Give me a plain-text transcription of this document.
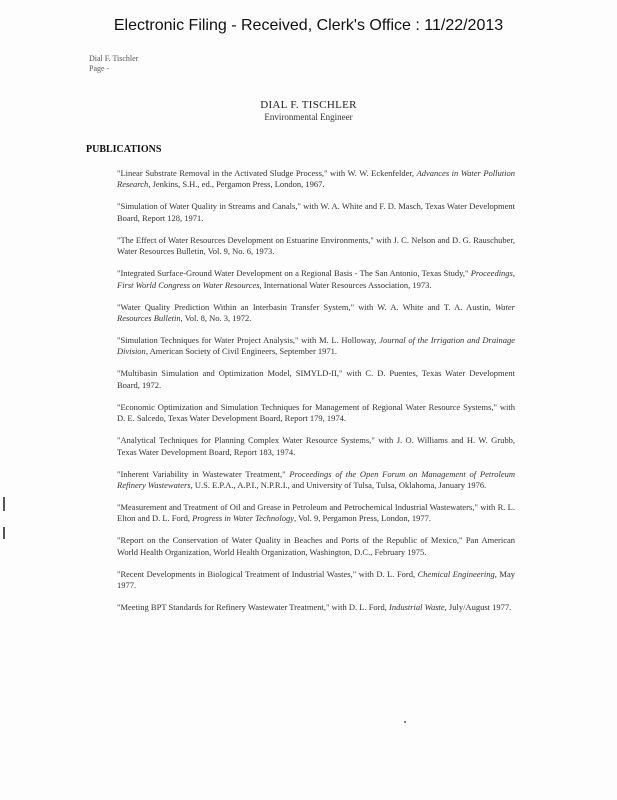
Electronic Filing - Received, Clerk's Office : 11/22/2013
Dial F. Tischler
Page -
DIAL F. TISCHLER
Environmental Engineer
PUBLICATIONS
"Linear Substrate Removal in the Activated Sludge Process," with W. W. Eckenfelder, Advances in Water Pollution Research, Jenkins, S.H., ed., Pergamon Press, London, 1967.
"Simulation of Water Quality in Streams and Canals," with W. A. White and F. D. Masch, Texas Water Development Board, Report 128, 1971.
"The Effect of Water Resources Development on Estuarine Environments," with J. C. Nelson and D. G. Rauschuber, Water Resources Bulletin, Vol. 9, No. 6, 1973.
"Integrated Surface-Ground Water Development on a Regional Basis - The San Antonio, Texas Study," Proceedings, First World Congress on Water Resources, International Water Resources Association, 1973.
"Water Quality Prediction Within an Interbasin Transfer System," with W. A. White and T. A. Austin, Water Resources Bulletin, Vol. 8, No. 3, 1972.
"Simulation Techniques for Water Project Analysis," with M. L. Holloway, Journal of the Irrigation and Drainage Division, American Society of Civil Engineers, September 1971.
"Multibasin Simulation and Optimization Model, SIMYLD-II," with C. D. Puentes, Texas Water Development Board, 1972.
"Economic Optimization and Simulation Techniques for Management of Regional Water Resource Systems," with D. E. Salcedo, Texas Water Development Board, Report 179, 1974.
"Analytical Techniques for Planning Complex Water Resource Systems," with J. O. Williams and H. W. Grubb, Texas Water Development Board, Report 183, 1974.
"Inherent Variability in Wastewater Treatment," Proceedings of the Open Forum on Management of Petroleum Refinery Wastewaters, U.S. E.P.A., A.P.I., N.P.R.I., and University of Tulsa, Tulsa, Oklahoma, January 1976.
"Measurement and Treatment of Oil and Grease in Petroleum and Petrochemical Industrial Wastewaters," with R. L. Elton and D. L. Ford, Progress in Water Technology, Vol. 9, Pergamon Press, London, 1977.
"Report on the Conservation of Water Quality in Beaches and Ports of the Republic of Mexico," Pan American World Health Organization, World Health Organization, Washington, D.C., February 1975.
"Recent Developments in Biological Treatment of Industrial Wastes," with D. L. Ford, Chemical Engineering, May 1977.
"Meeting BPT Standards for Refinery Wastewater Treatment," with D. L. Ford, Industrial Waste, July/August 1977.
